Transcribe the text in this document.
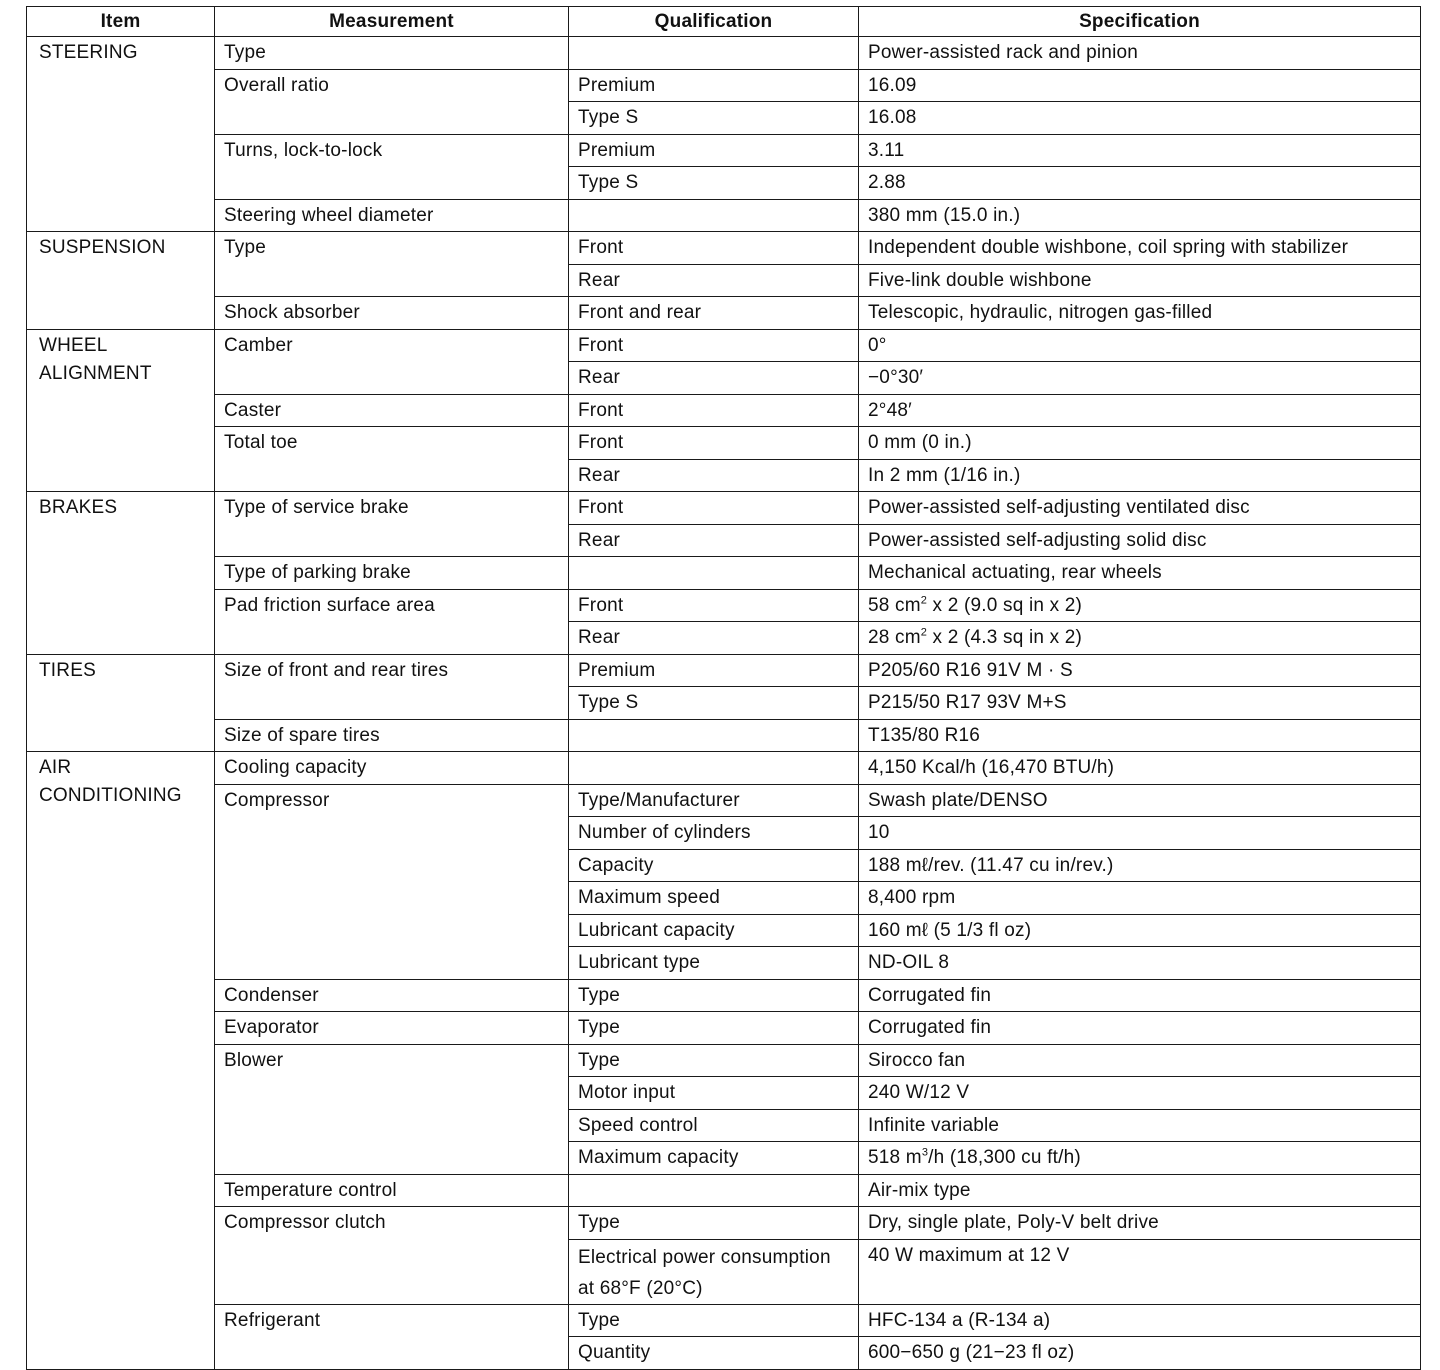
Item	Measurement	Qualification	Specification
STEERING	Type		Power-assisted rack and pinion
	Overall ratio	Premium	16.09
		Type S	16.08
	Turns, lock-to-lock	Premium	3.11
		Type S	2.88
	Steering wheel diameter		380 mm (15.0 in.)
SUSPENSION	Type	Front	Independent double wishbone, coil spring with stabilizer
		Rear	Five-link double wishbone
	Shock absorber	Front and rear	Telescopic, hydraulic, nitrogen gas-filled

WHEEL
ALIGNMENT	Camber	Front	0°
		Rear	−0°30′
	Caster	Front	2°48′
	Total toe	Front	0 mm (0 in.)
		Rear	In 2 mm (1/16 in.)
BRAKES	Type of service brake	Front	Power-assisted self-adjusting ventilated disc
		Rear	Power-assisted self-adjusting solid disc
	Type of parking brake		Mechanical actuating, rear wheels
	Pad friction surface area	Front	58 $cm^2$ x 2 (9.0 sq in x 2)
		Rear	28 $cm^2$ x 2 (4.3 sq in x 2)
TIRES	Size of front and rear tires	Premium	P205/60 R16 91V M · S
		Type S	P215/50 R17 93V M+S
	Size of spare tires		T135/80 R16

AIR
CONDITIONING	Cooling capacity		4,150 Kcal/h (16,470 BTU/h)
	Compressor	Type/Manufacturer	Swash plate/DENSO
		Number of cylinders	10
		Capacity	188 mℓ/rev. (11.47 cu in/rev.)
		Maximum speed	8,400 rpm
		Lubricant capacity	160 mℓ (5 1/3 fl oz)
		Lubricant type	ND-OIL 8
	Condenser	Type	Corrugated fin
	Evaporator	Type	Corrugated fin
	Blower	Type	Sirocco fan
		Motor input	240 W/12 V
		Speed control	Infinite variable
		Maximum capacity	518 $m^3/h$ (18,300 cu ft/h)
	Temperature control		Air-mix type
	Compressor clutch	Type	Dry, single plate, Poly-V belt drive
		Electrical power consumption at 68°F (20°C)	40 W maximum at 12 V

	Refrigerant	Type	HFC-134 a (R-134 a)
		Quantity	600−650 g (21−23 fl oz)
